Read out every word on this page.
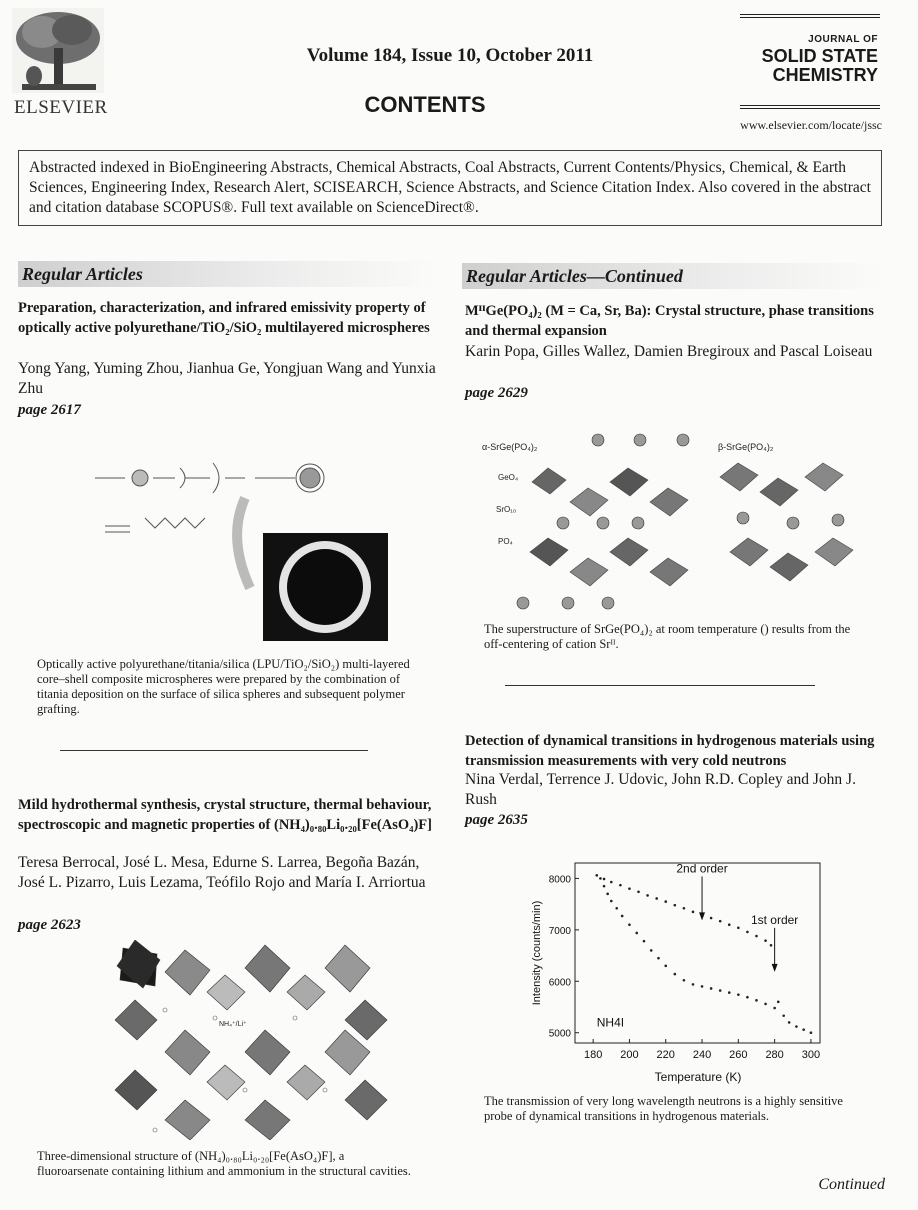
ELSEVIER
Volume 184, Issue 10, October 2011
CONTENTS
JOURNAL OF
SOLID STATE
CHEMISTRY
www.elsevier.com/locate/jssc
Abstracted indexed in BioEngineering Abstracts, Chemical Abstracts, Coal Abstracts, Current Contents/Physics, Chemical, & Earth Sciences, Engineering Index, Research Alert, SCISEARCH, Science Abstracts, and Science Citation Index. Also covered in the abstract and citation database SCOPUS®. Full text available on ScienceDirect®.
Regular Articles
Preparation, characterization, and infrared emissivity property of optically active polyurethane/TiO₂/SiO₂ multilayered microspheres
Yong Yang, Yuming Zhou, Jianhua Ge, Yongjuan Wang and Yunxia Zhu
page 2617
Optically active polyurethane/titania/silica (LPU/TiO₂/SiO₂) multi-layered core–shell composite microspheres were prepared by the combination of titania deposition on the surface of silica spheres and subsequent polymer grafting.
Mild hydrothermal synthesis, crystal structure, thermal behaviour, spectroscopic and magnetic properties of (NH₄)₀.₈₀Li₀.₂₀[Fe(AsO₄)F]
Teresa Berrocal, José L. Mesa, Edurne S. Larrea, Begoña Bazán, José L. Pizarro, Luis Lezama, Teófilo Rojo and María I. Arriortua
page 2623
NH₄⁺/Li⁺
Three-dimensional structure of (NH₄)₀.₈₀Li₀.₂₀[Fe(AsO₄)F], a fluoroarsenate containing lithium and ammonium in the structural cavities.
Regular Articles—Continued
MᴵᴵGe(PO₄)₂ (M = Ca, Sr, Ba): Crystal structure, phase transitions and thermal expansion
Karin Popa, Gilles Wallez, Damien Bregiroux and Pascal Loiseau
page 2629
α-SrGe(PO₄)₂	β-SrGe(PO₄)₂
GeO₄
SrO₁₀
PO₄
The superstructure of SrGe(PO₄)₂ at room temperature () results from the off-centering of cation Srᴵᴵ.
Detection of dynamical transitions in hydrogenous materials using transmission measurements with very cold neutrons
Nina Verdal, Terrence J. Udovic, John R.D. Copley and John J. Rush
page 2635
180 200 220 240 260 280 300
5000
6000
7000
8000
2nd order
1st order
NH4I
Temperature (K)
Intensity (counts/min)
The transmission of very long wavelength neutrons is a highly sensitive probe of dynamical transitions in hydrogenous materials.
Continued
